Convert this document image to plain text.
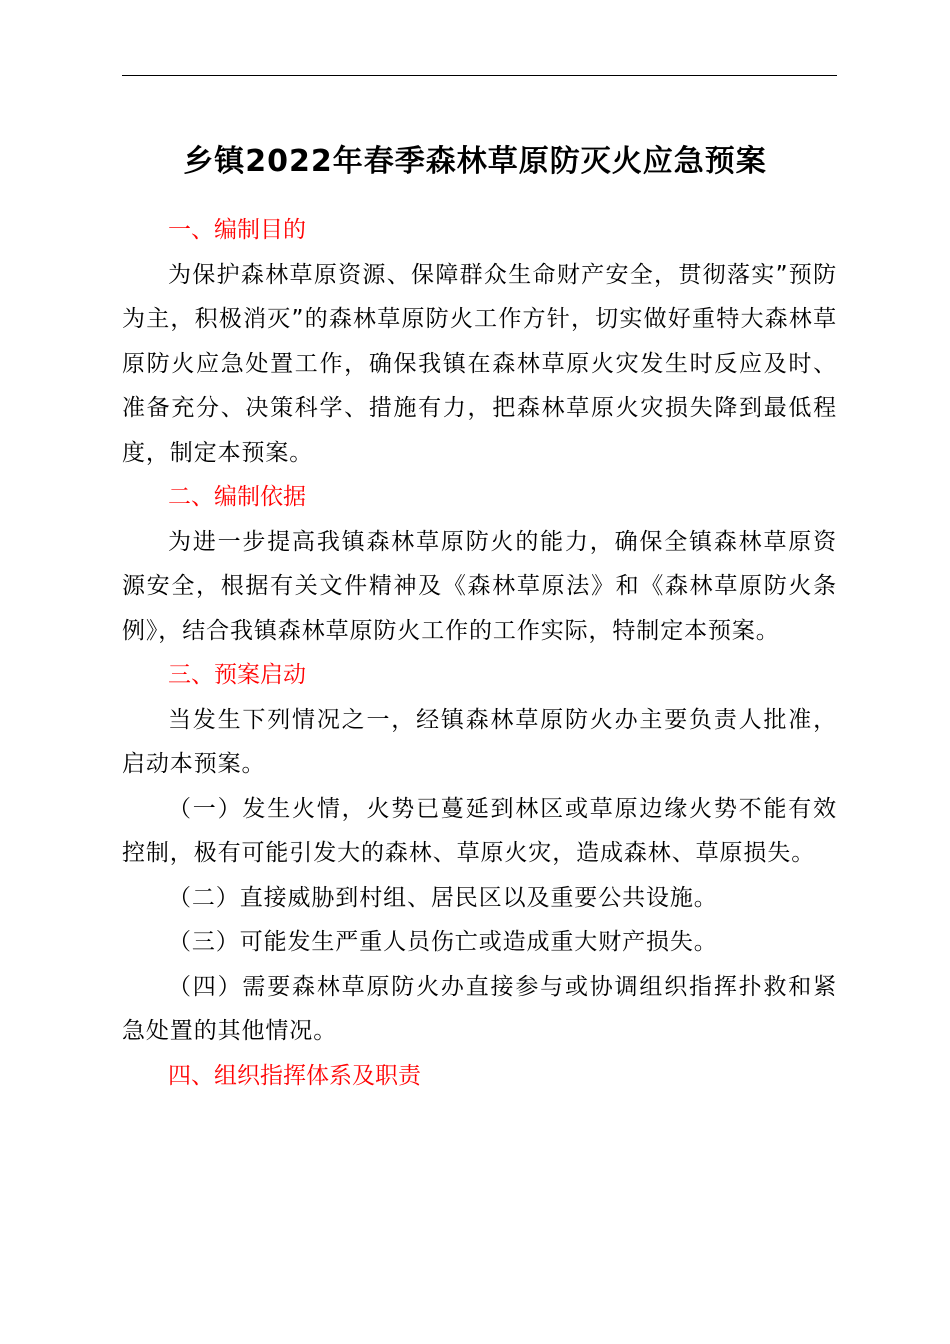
乡镇2022年春季森林草原防灭火应急预案
一、编制目的

为保护森林草原资源、保障群众生命财产安全，贯彻落实”预防为主，积极消灭”的森林草原防火工作方针，切实做好重特大森林草原防火应急处置工作，确保我镇在森林草原火灾发生时反应及时、准备充分、决策科学、措施有力，把森林草原火灾损失降到最低程度，制定本预案。

二、编制依据

为进一步提高我镇森林草原防火的能力，确保全镇森林草原资源安全，根据有关文件精神及《森林草原法》和《森林草原防火条例》，结合我镇森林草原防火工作的工作实际，特制定本预案。

三、预案启动

当发生下列情况之一，经镇森林草原防火办主要负责人批准，启动本预案。

（一）发生火情，火势已蔓延到林区或草原边缘火势不能有效控制，极有可能引发大的森林、草原火灾，造成森林、草原损失。

（二）直接威胁到村组、居民区以及重要公共设施。

（三）可能发生严重人员伤亡或造成重大财产损失。

（四）需要森林草原防火办直接参与或协调组织指挥扑救和紧急处置的其他情况。

四、组织指挥体系及职责
